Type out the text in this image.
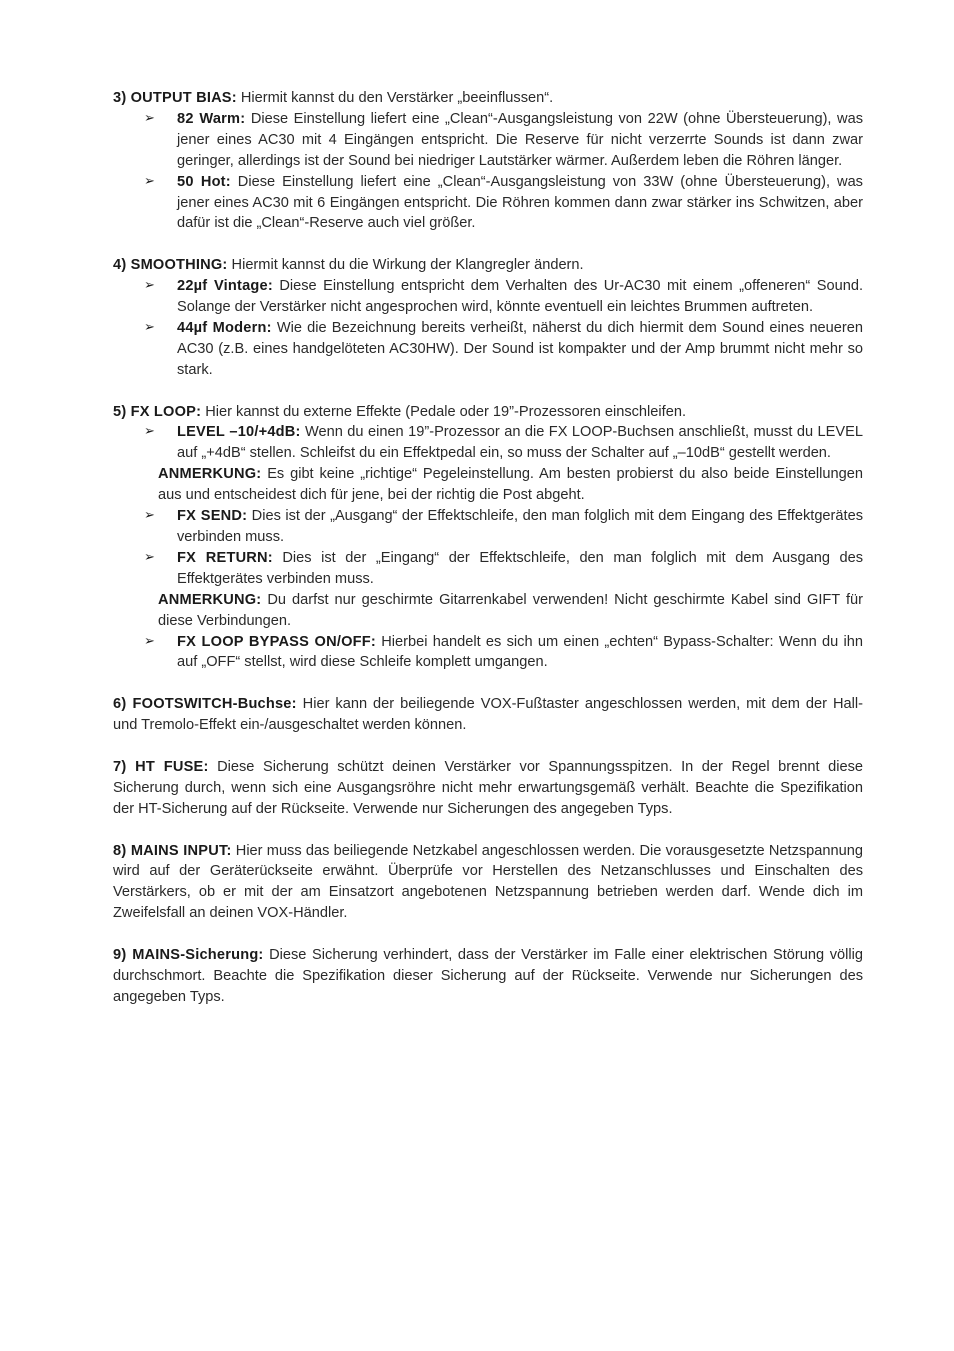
3) OUTPUT BIAS: Hiermit kannst du den Verstärker „beeinflussen“.

➢ 82 Warm: Diese Einstellung liefert eine „Clean“-Ausgangsleistung von 22W (ohne Übersteuerung), was jener eines AC30 mit 4 Eingängen entspricht. Die Reserve für nicht verzerrte Sounds ist dann zwar geringer, allerdings ist der Sound bei niedriger Lautstärker wärmer. Außerdem leben die Röhren länger.

➢ 50 Hot: Diese Einstellung liefert eine „Clean“-Ausgangsleistung von 33W (ohne Übersteuerung), was jener eines AC30 mit 6 Eingängen entspricht. Die Röhren kommen dann zwar stärker ins Schwitzen, aber dafür ist die „Clean“-Reserve auch viel größer.

4) SMOOTHING: Hiermit kannst du die Wirkung der Klangregler ändern.

➢ 22µf Vintage: Diese Einstellung entspricht dem Verhalten des Ur-AC30 mit einem „offeneren“ Sound. Solange der Verstärker nicht angesprochen wird, könnte eventuell ein leichtes Brummen auftreten.

➢ 44µf Modern: Wie die Bezeichnung bereits verheißt, näherst du dich hiermit dem Sound eines neueren AC30 (z.B. eines handgelöteten AC30HW). Der Sound ist kompakter und der Amp brummt nicht mehr so stark.

5) FX LOOP: Hier kannst du externe Effekte (Pedale oder 19”-Prozessoren einschleifen.

➢ LEVEL –10/+4dB: Wenn du einen 19”-Prozessor an die FX LOOP-Buchsen anschließt, musst du LEVEL auf „+4dB“ stellen. Schleifst du ein Effektpedal ein, so muss der Schalter auf „–10dB“ gestellt werden.

ANMERKUNG: Es gibt keine „richtige“ Pegeleinstellung. Am besten probierst du also beide Einstellungen aus und entscheidest dich für jene, bei der richtig die Post abgeht.

➢ FX SEND: Dies ist der „Ausgang“ der Effektschleife, den man folglich mit dem Eingang des Effektgerätes verbinden muss.

➢ FX RETURN: Dies ist der „Eingang“ der Effektschleife, den man folglich mit dem Ausgang des Effektgerätes verbinden muss.

ANMERKUNG: Du darfst nur geschirmte Gitarrenkabel verwenden! Nicht geschirmte Kabel sind GIFT für diese Verbindungen.

➢ FX LOOP BYPASS ON/OFF: Hierbei handelt es sich um einen „echten“ Bypass-Schalter: Wenn du ihn auf „OFF“ stellst, wird diese Schleife komplett umgangen.

6) FOOTSWITCH-Buchse: Hier kann der beiliegende VOX-Fußtaster angeschlossen werden, mit dem der Hall- und Tremolo-Effekt ein-/ausgeschaltet werden können.

7) HT FUSE: Diese Sicherung schützt deinen Verstärker vor Spannungsspitzen. In der Regel brennt diese Sicherung durch, wenn sich eine Ausgangsröhre nicht mehr erwartungsgemäß verhält. Beachte die Spezifikation der HT-Sicherung auf der Rückseite. Verwende nur Sicherungen des angegeben Typs.

8) MAINS INPUT: Hier muss das beiliegende Netzkabel angeschlossen werden. Die vorausgesetzte Netzspannung wird auf der Geräterückseite erwähnt. Überprüfe vor Herstellen des Netzanschlusses und Einschalten des Verstärkers, ob er mit der am Einsatzort angebotenen Netzspannung betrieben werden darf. Wende dich im Zweifelsfall an deinen VOX-Händler.

9) MAINS-Sicherung: Diese Sicherung verhindert, dass der Verstärker im Falle einer elektrischen Störung völlig durchschmort. Beachte die Spezifikation dieser Sicherung auf der Rückseite. Verwende nur Sicherungen des angegeben Typs.
